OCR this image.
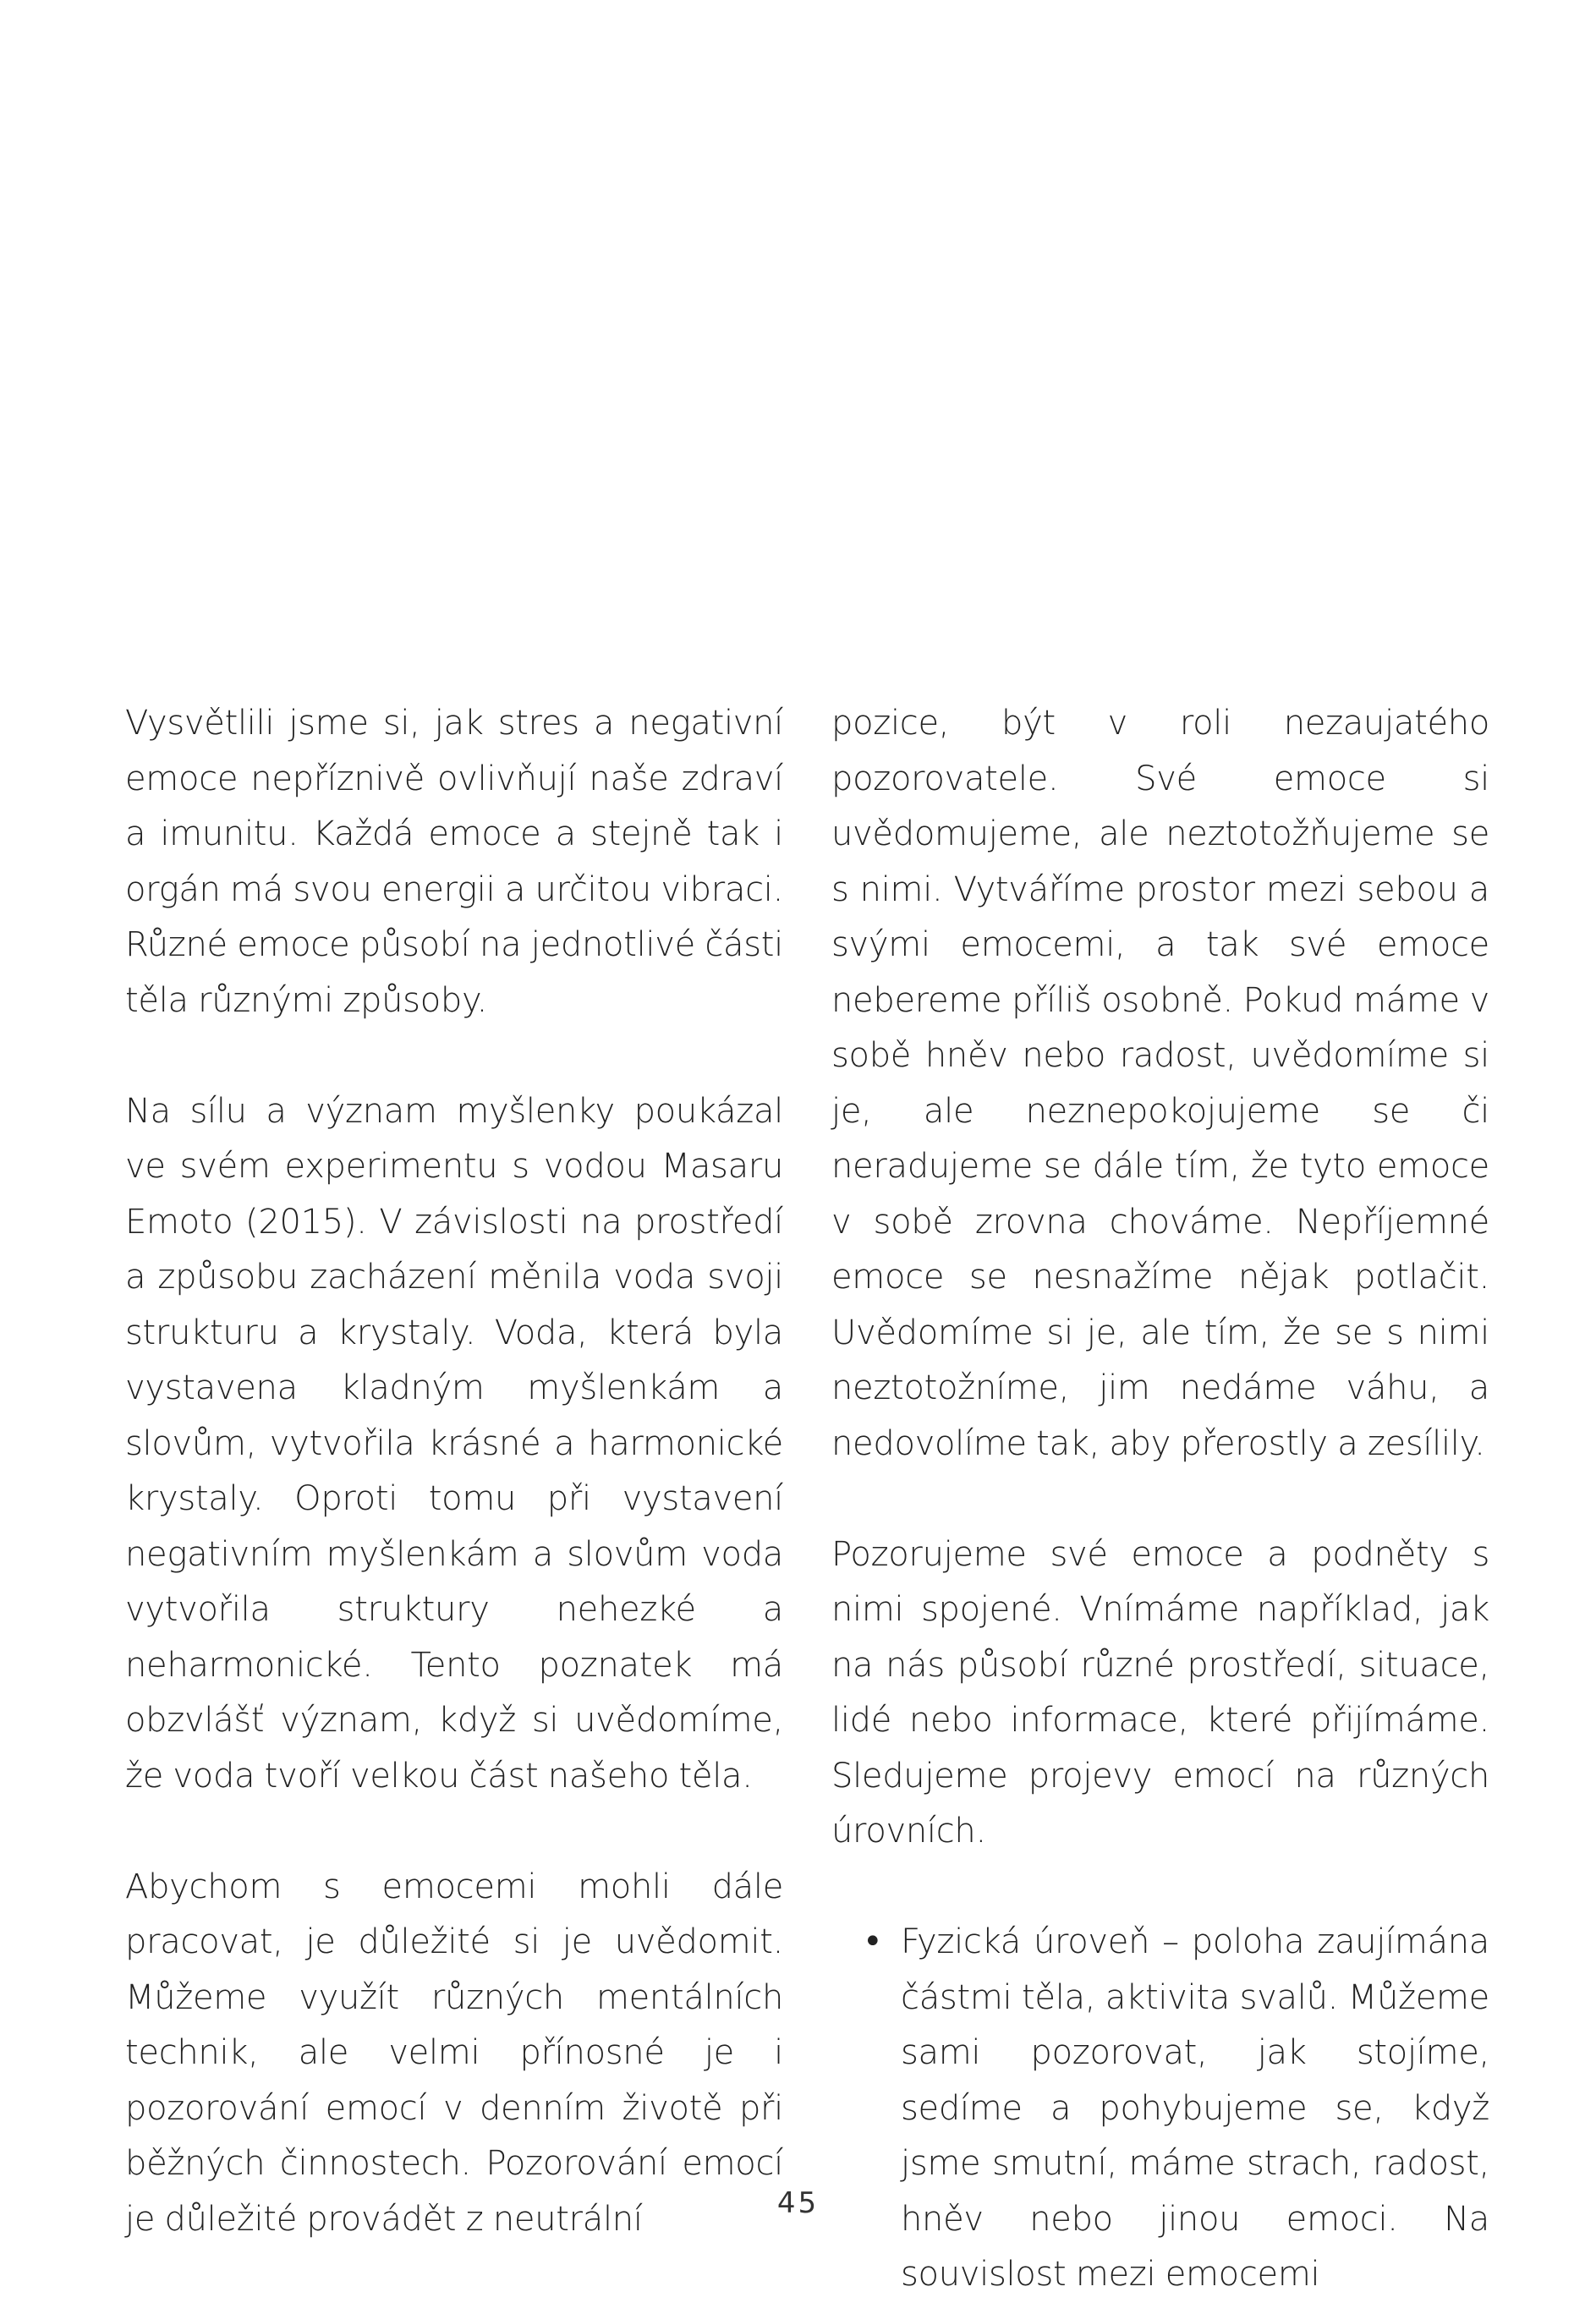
Vysvětlili jsme si, jak stres a negativní emoce nepříznivě ovlivňují naše zdraví a imunitu. Každá emoce a stejně tak i orgán má svou energii a určitou vibraci. Různé emoce působí na jednotlivé části těla různými způsoby.

Na sílu a význam myšlenky poukázal ve svém experimentu s vodou Masaru Emoto (2015). V závislosti na prostředí a způsobu zacházení měnila voda svoji strukturu a krystaly. Voda, která byla vystavena kladným myšlenkám a slovům, vytvořila krásné a harmonické krystaly. Oproti tomu při vystavení negativním myšlenkám a slovům voda vytvořila struktury nehezké a neharmonické. Tento poznatek má obzvlášť význam, když si uvědomíme, že voda tvoří velkou část našeho těla.

Abychom s emocemi mohli dále pracovat, je důležité si je uvědomit. Můžeme využít různých mentálních technik, ale velmi přínosné je i pozorování emocí v denním životě při běžných činnostech. Pozorování emocí je důležité provádět z neutrální

pozice, být v roli nezaujatého pozorovatele. Své emoce si uvědomujeme, ale neztotožňujeme se s nimi. Vytváříme prostor mezi sebou a svými emocemi, a tak své emoce nebereme příliš osobně. Pokud máme v sobě hněv nebo radost, uvědomíme si je, ale neznepokojujeme se či neradujeme se dále tím, že tyto emoce v sobě zrovna chováme. Nepříjemné emoce se nesnažíme nějak potlačit. Uvědomíme si je, ale tím, že se s nimi neztotožníme, jim nedáme váhu, a nedovolíme tak, aby přerostly a zesílily.

Pozorujeme své emoce a podněty s nimi spojené. Vnímáme například, jak na nás působí různé prostředí, situace, lidé nebo informace, které přijímáme. Sledujeme projevy emocí na různých úrovních.

• Fyzická úroveň – poloha zaujímána částmi těla, aktivita svalů. Můžeme sami pozorovat, jak stojíme, sedíme a pohybujeme se, když jsme smutní, máme strach, radost, hněv nebo jinou emoci. Na souvislost mezi emocemi

45
